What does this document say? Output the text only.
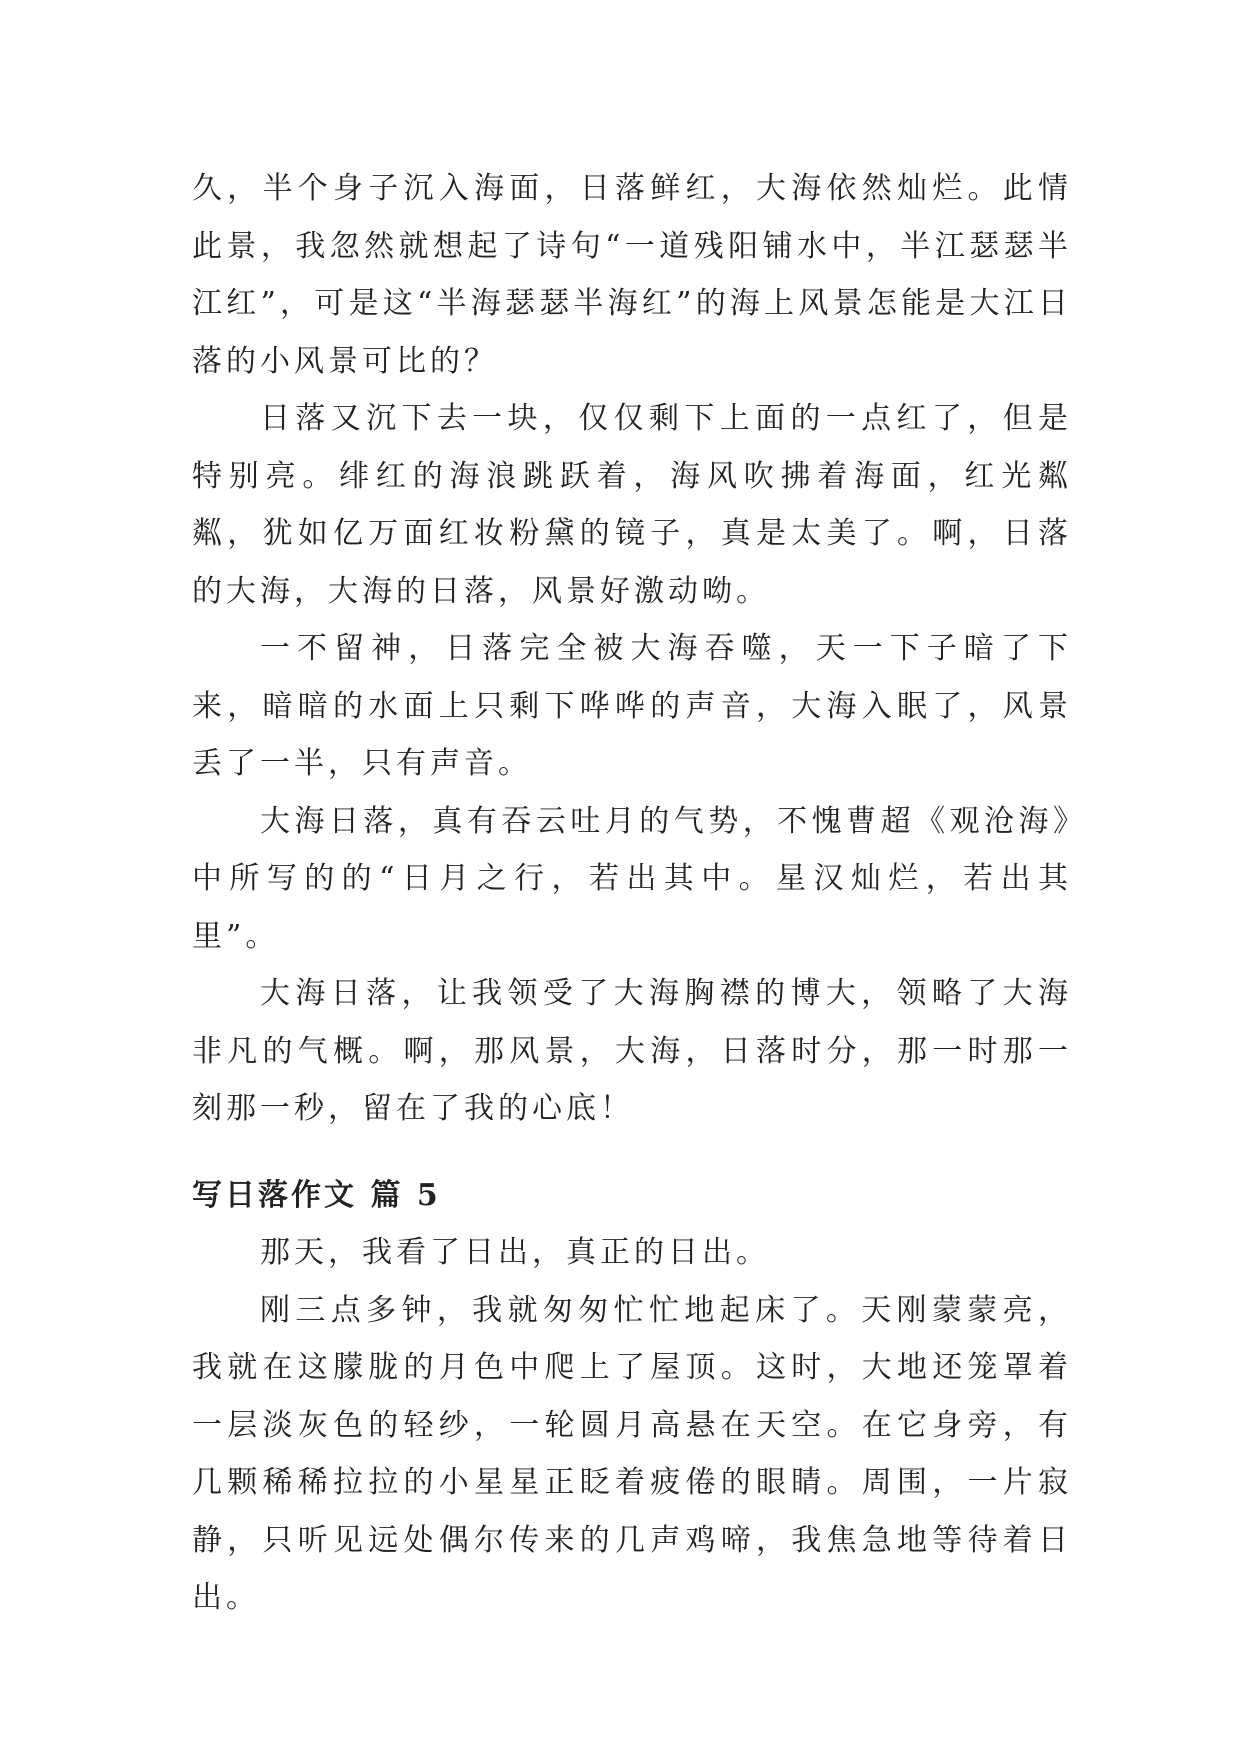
久，半个身子沉入海面，日落鲜红，大海依然灿烂。此情此景，我忽然就想起了诗句“一道残阳铺水中，半江瑟瑟半江红”，可是这“半海瑟瑟半海红”的海上风景怎能是大江日落的小风景可比的？

日落又沉下去一块，仅仅剩下上面的一点红了，但是特别亮。绯红的海浪跳跃着，海风吹拂着海面，红光粼粼，犹如亿万面红妆粉黛的镜子，真是太美了。啊，日落的大海，大海的日落，风景好激动呦。

一不留神，日落完全被大海吞噬，天一下子暗了下来，暗暗的水面上只剩下哗哗的声音，大海入眠了，风景丢了一半，只有声音。

大海日落，真有吞云吐月的气势，不愧曹超《观沧海》中所写的的“日月之行，若出其中。星汉灿烂，若出其里”。

大海日落，让我领受了大海胸襟的博大，领略了大海非凡的气概。啊，那风景，大海，日落时分，那一时那一刻那一秒，留在了我的心底！

写日落作文 篇 5

那天，我看了日出，真正的日出。

刚三点多钟，我就匆匆忙忙地起床了。天刚蒙蒙亮，我就在这朦胧的月色中爬上了屋顶。这时，大地还笼罩着一层淡灰色的轻纱，一轮圆月高悬在天空。在它身旁，有几颗稀稀拉拉的小星星正眨着疲倦的眼睛。周围，一片寂静，只听见远处偶尔传来的几声鸡啼，我焦急地等待着日出。
